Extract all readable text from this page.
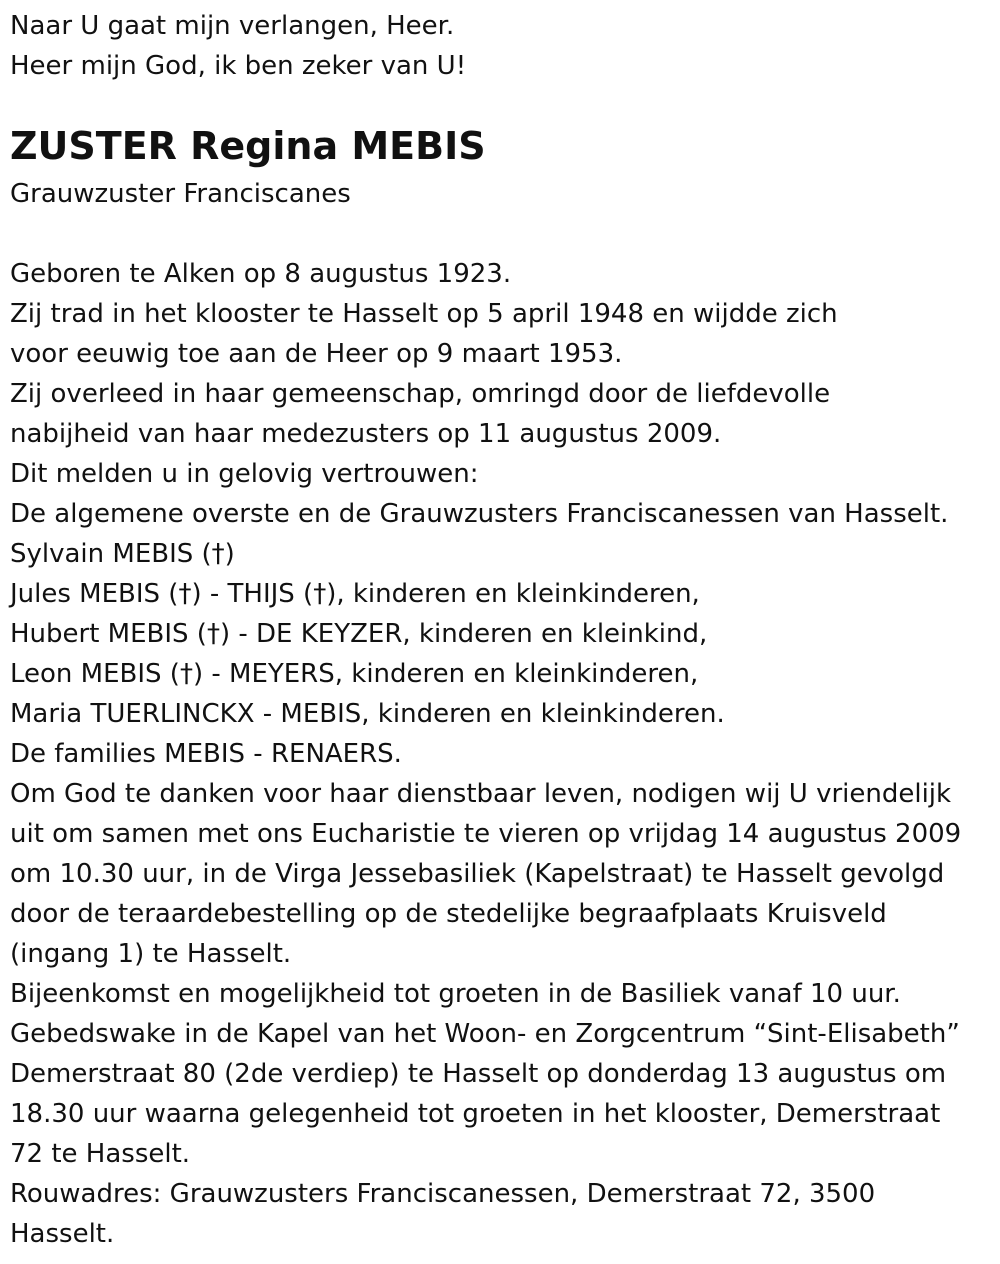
Naar U gaat mijn verlangen, Heer.
Heer mijn God, ik ben zeker van U!
ZUSTER Regina MEBIS
Grauwzuster Franciscanes
Geboren te Alken op 8 augustus 1923.
Zij trad in het klooster te Hasselt op 5 april 1948 en wijdde zich
voor eeuwig toe aan de Heer op 9 maart 1953.
Zij overleed in haar gemeenschap, omringd door de liefdevolle
nabijheid van haar medezusters op 11 augustus 2009.
Dit melden u in gelovig vertrouwen:
De algemene overste en de Grauwzusters Franciscanessen van Hasselt.
Sylvain MEBIS (†)
Jules MEBIS (†) - THIJS (†), kinderen en kleinkinderen,
Hubert MEBIS (†) - DE KEYZER, kinderen en kleinkind,
Leon MEBIS (†) - MEYERS, kinderen en kleinkinderen,
Maria TUERLINCKX - MEBIS, kinderen en kleinkinderen.
De families MEBIS - RENAERS.
Om God te danken voor haar dienstbaar leven, nodigen wij U vriendelijk
uit om samen met ons Eucharistie te vieren op vrijdag 14 augustus 2009
om 10.30 uur, in de Virga Jessebasiliek (Kapelstraat) te Hasselt gevolgd
door de teraardebestelling op de stedelijke begraafplaats Kruisveld
(ingang 1) te Hasselt.
Bijeenkomst en mogelijkheid tot groeten in de Basiliek vanaf 10 uur.
Gebedswake in de Kapel van het Woon- en Zorgcentrum “Sint-Elisabeth”
Demerstraat 80 (2de verdiep) te Hasselt op donderdag 13 augustus om
18.30 uur waarna gelegenheid tot groeten in het klooster, Demerstraat
72 te Hasselt.
Rouwadres: Grauwzusters Franciscanessen, Demerstraat 72, 3500
Hasselt.
